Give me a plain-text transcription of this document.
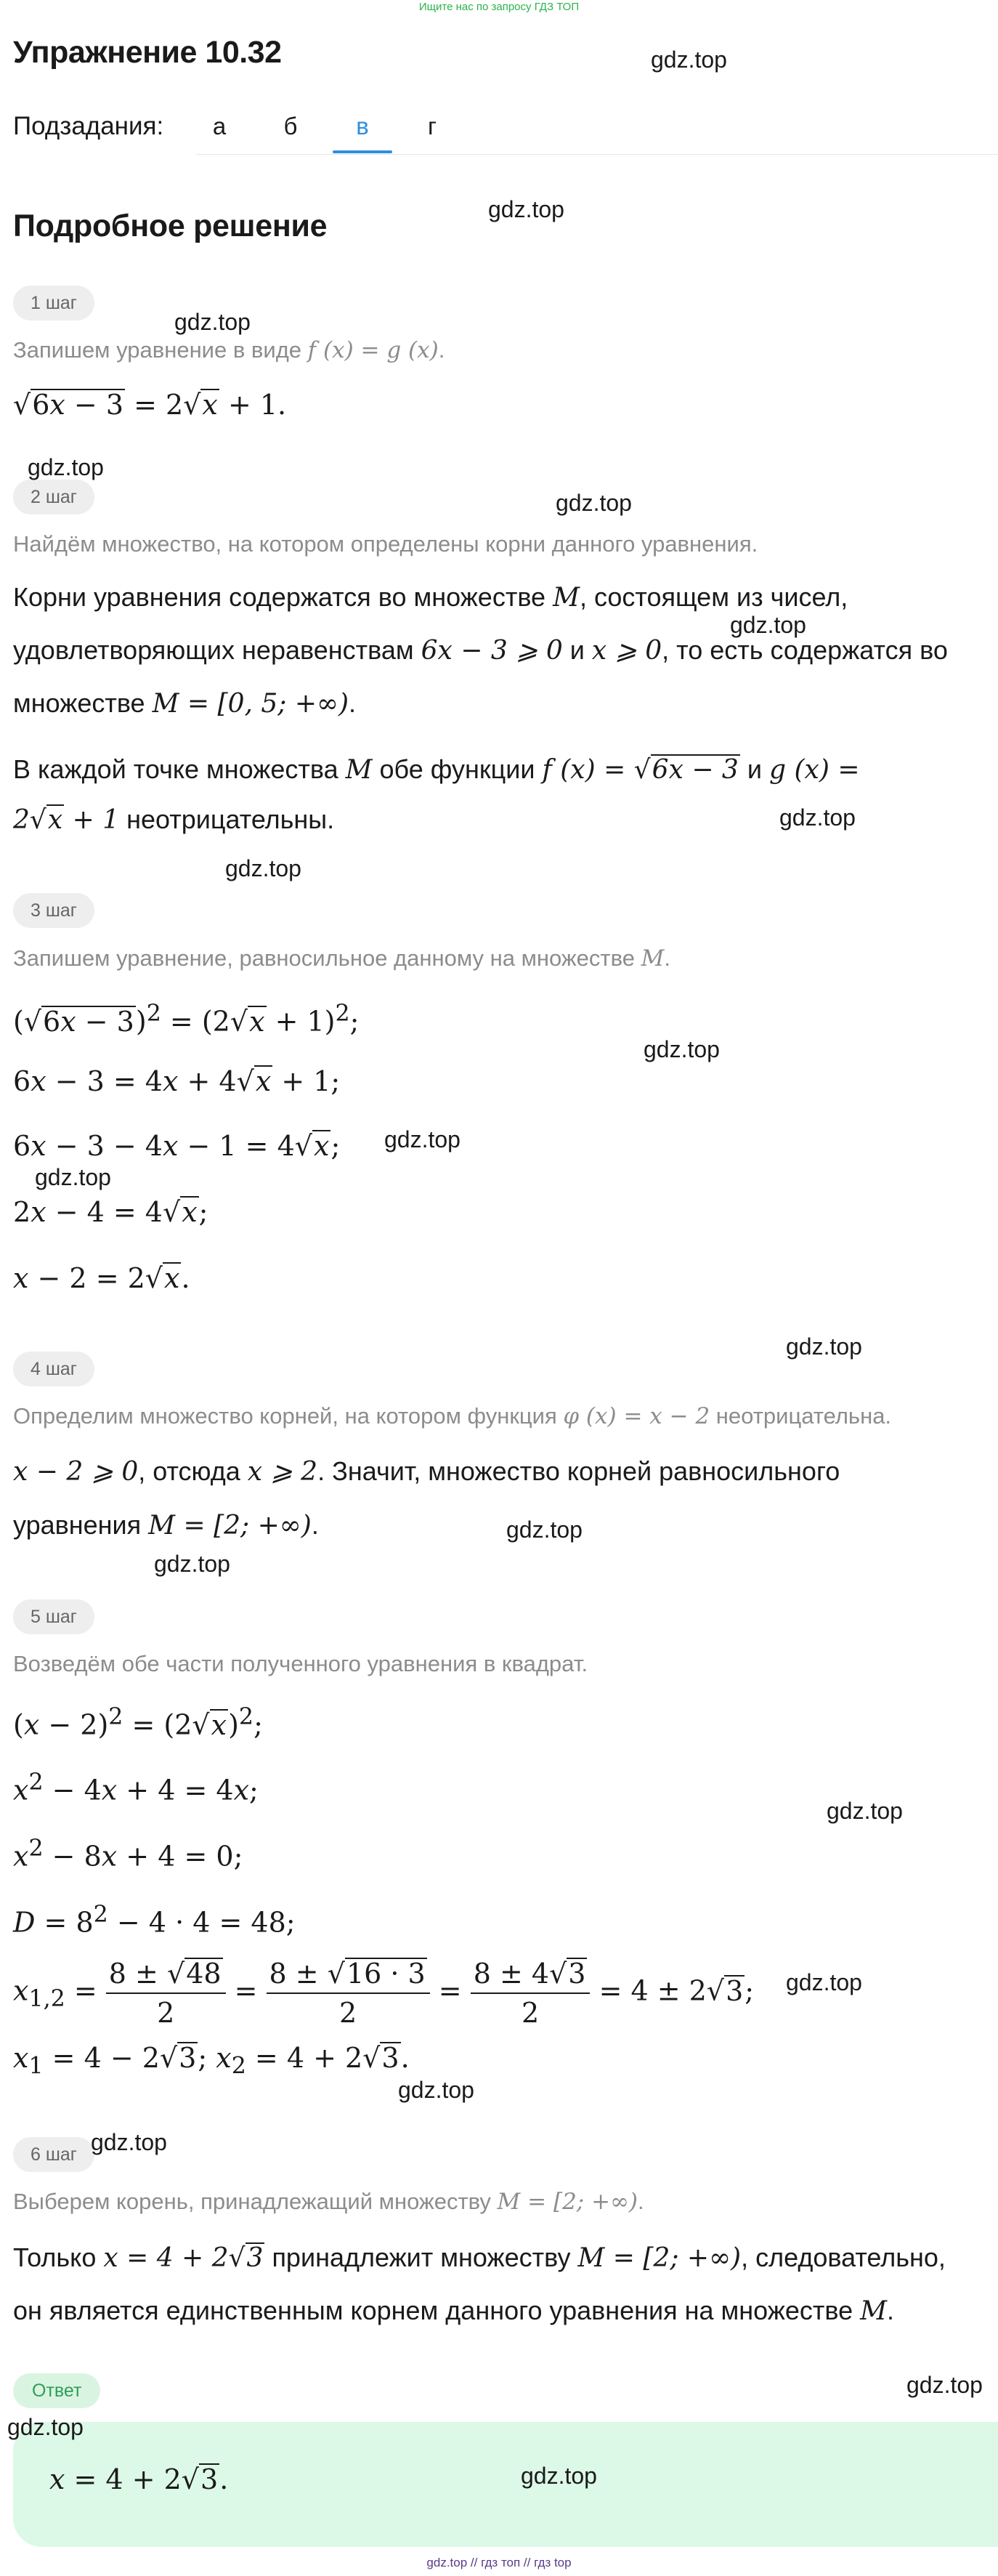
Ищите нас по запросу ГДЗ ТОП
Упражнение 10.32
Подзадания:	а	б	в	г
Подробное решение
1 шаг
Запишем уравнение в виде f (x) = g (x).
√6x − 3 = 2√x + 1.
2 шаг
Найдём множество, на котором определены корни данного уравнения.
Корни уравнения содержатся во множестве M, состоящем из чисел,
удовлетворяющих неравенствам 6x − 3 ⩾ 0 и x ⩾ 0, то есть содержатся во
множестве M = [0, 5; +∞).
В каждой точке множества M обе функции f (x) = √6x − 3 и g (x) =
2√x + 1 неотрицательны.
3 шаг
Запишем уравнение, равносильное данному на множестве M.
$(√6x - 3)^2 = (2√x + 1)^2$;
6x − 3 = 4x + 4√x + 1;
6x − 3 − 4x − 1 = 4√x;
2x − 4 = 4√x;
x − 2 = 2√x.
4 шаг
Определим множество корней, на котором функция φ (x) = x − 2 неотрицательна.
x − 2 ⩾ 0, отсюда x ⩾ 2. Значит, множество корней равносильного
уравнения M = [2; +∞).
5 шаг
Возведём обе части полученного уравнения в квадрат.
$(x - 2)^2 = (2√x)^2$;
$x^2 - 4x + 4 = 4x$;
$x^2 - 8x + 4 = 0$;
$D = 8^2 - 4 \cdot 4 = 48$;
$x_{1,2} = \frac{8 \pm √48}{2} = \frac{8 \pm √16 \cdot 3}{2} = \frac{8 \pm 4√3}{2} = 4 \pm 2√3$;
$x_1 = 4 - 2√3$; $x_2 = 4 + 2√3$.
6 шаг
Выберем корень, принадлежащий множеству M = [2; +∞).
Только x = 4 + 2√3 принадлежит множеству M = [2; +∞), следовательно,
он является единственным корнем данного уравнения на множестве M.
Ответ
x = 4 + 2√3.
gdz.top
gdz.top
gdz.top
gdz.top
gdz.top
gdz.top
gdz.top
gdz.top
gdz.top
gdz.top
gdz.top
gdz.top
gdz.top
gdz.top
gdz.top
gdz.top
gdz.top
gdz.top
gdz.top
gdz.top
gdz.top
gdz.top // гдз топ // гдз top
